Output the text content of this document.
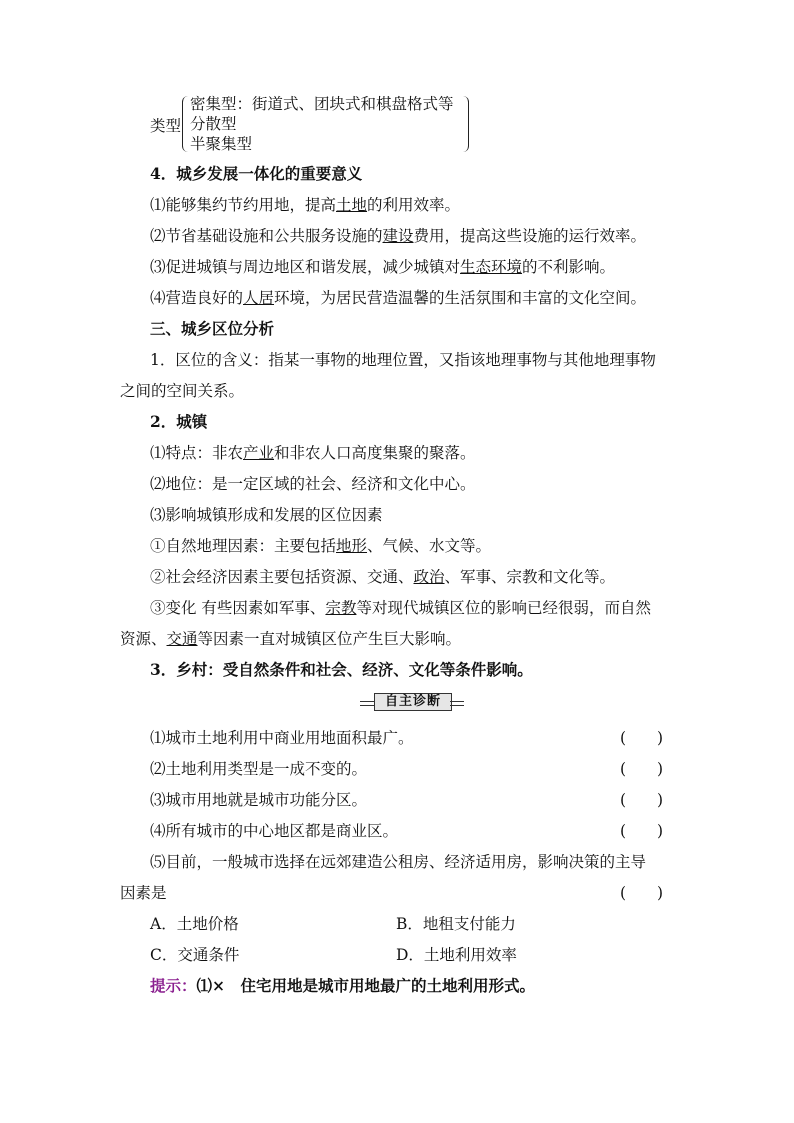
类型
密集型：街道式、团块式和棋盘格式等
分散型
半聚集型
4．城乡发展一体化的重要意义
⑴能够集约节约用地，提高土地的利用效率。
⑵节省基础设施和公共服务设施的建设费用，提高这些设施的运行效率。
⑶促进城镇与周边地区和谐发展，减少城镇对生态环境的不利影响。
⑷营造良好的人居环境，为居民营造温馨的生活氛围和丰富的文化空间。
三、城乡区位分析
1．区位的含义：指某一事物的地理位置，又指该地理事物与其他地理事物
之间的空间关系。
2．城镇
⑴特点：非农产业和非农人口高度集聚的聚落。
⑵地位：是一定区域的社会、经济和文化中心。
⑶影响城镇形成和发展的区位因素
①自然地理因素：主要包括地形、气候、水文等。
②社会经济因素主要包括资源、交通、政治、军事、宗教和文化等。
③变化 有些因素如军事、宗教等对现代城镇区位的影响已经很弱，而自然
资源、交通等因素一直对城镇区位产生巨大影响。
3．乡村：受自然条件和社会、经济、文化等条件影响。
自主诊断
⑴城市土地利用中商业用地面积最广。	(　　)
⑵土地利用类型是一成不变的。	(　　)
⑶城市用地就是城市功能分区。	(　　)
⑷所有城市的中心地区都是商业区。	(　　)
⑸目前，一般城市选择在远郊建造公租房、经济适用房，影响决策的主导
因素是	(　　)
A．土地价格	B．地租支付能力
C．交通条件	D．土地利用效率
提示：⑴×　住宅用地是城市用地最广的土地利用形式。
